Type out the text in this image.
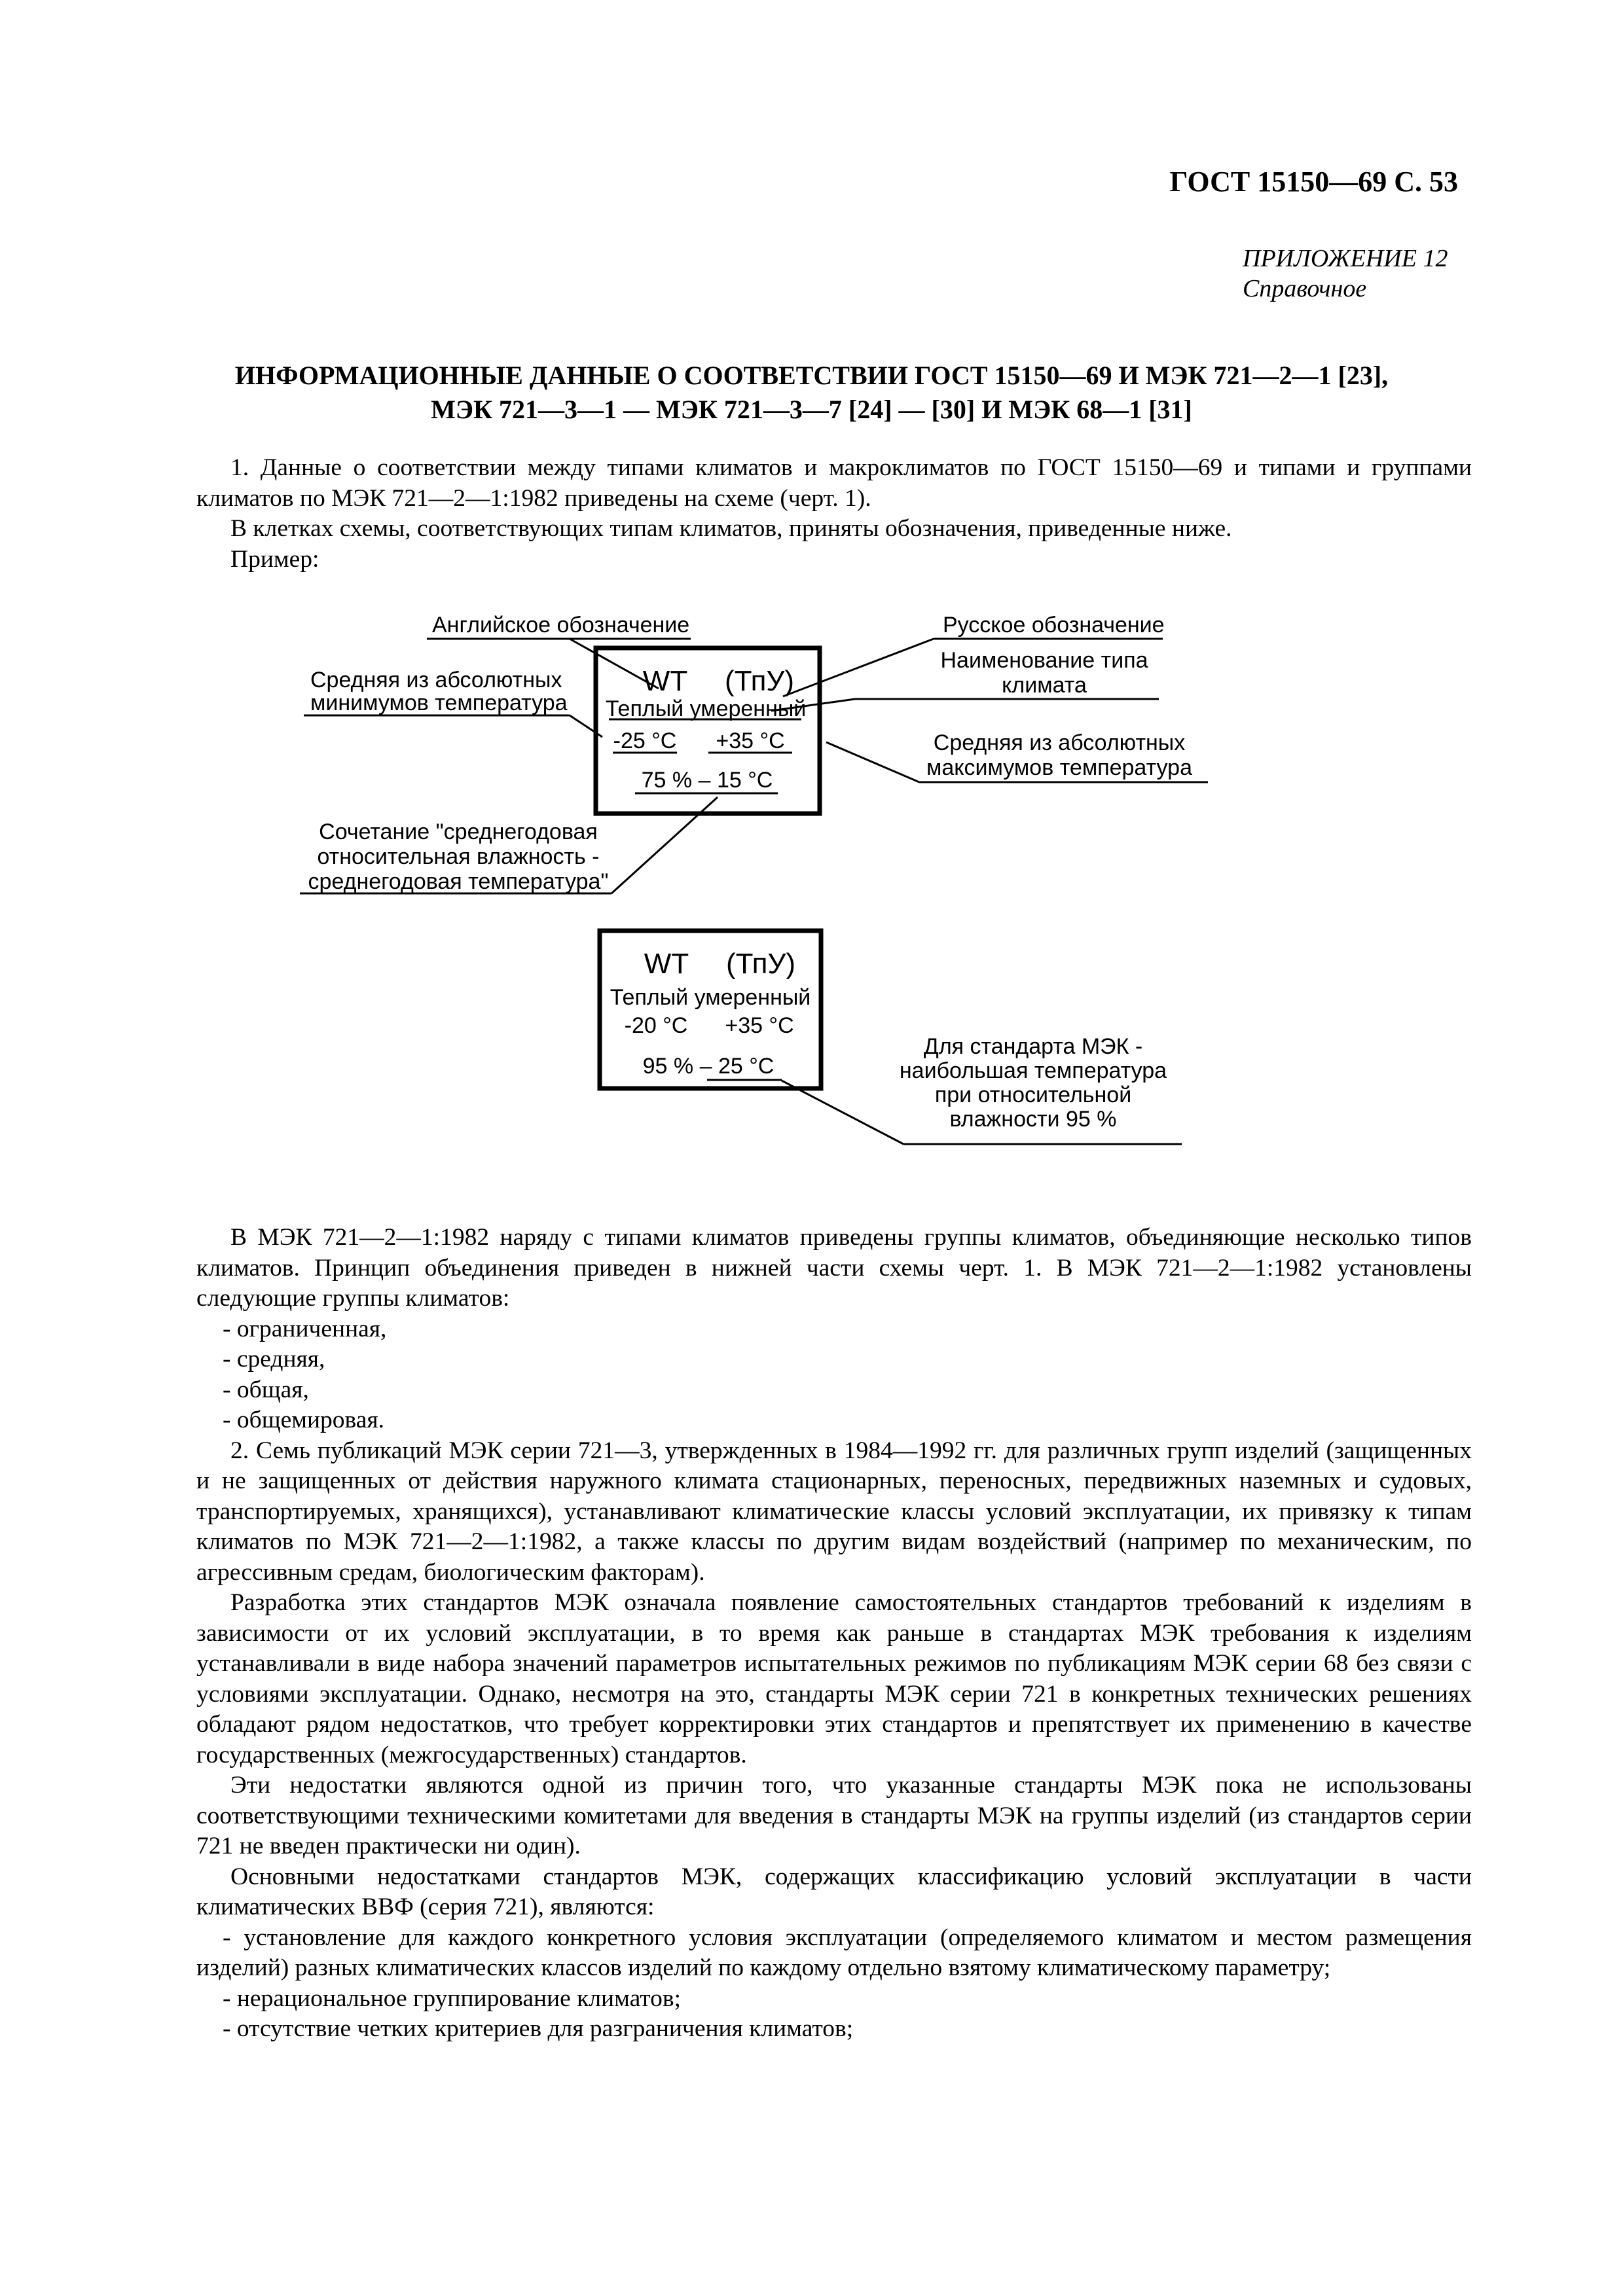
ГОСТ 15150—69 С. 53
ПРИЛОЖЕНИЕ 12
Справочное
ИНФОРМАЦИОННЫЕ ДАННЫЕ О СООТВЕТСТВИИ ГОСТ 15150—69 И МЭК 721—2—1 [23],
МЭК 721—3—1 — МЭК 721—3—7 [24] — [30] И МЭК 68—1 [31]

1. Данные о соответствии между типами климатов и макроклиматов по ГОСТ 15150—69 и типами и группами климатов по МЭК 721—2—1:1982 приведены на схеме (черт. 1).

В клетках схемы, соответствующих типам климатов, приняты обозначения, приведенные ниже.

Пример:

Английское обозначение	Русское обозначение
Средняя из абсолютных
минимумов температура
Наименование типа
климата
Средняя из абсолютных
максимумов температура
Сочетание "среднегодовая
относительная влажность -
среднегодовая температура"
Для стандарта МЭК -
наибольшая температура
при относительной
влажности 95 %
WT (ТпУ)
Теплый умеренный
-25 °С +35 °С
75 % – 15 °С
WT (ТпУ)
Теплый умеренный
-20 °С +35 °С
95 % – 25 °С

В МЭК 721—2—1:1982 наряду с типами климатов приведены группы климатов, объединяющие несколько типов климатов. Принцип объединения приведен в нижней части схемы черт. 1. В МЭК 721—2—1:1982 установлены следующие группы климатов:

- ограниченная,

- средняя,

- общая,

- общемировая.

2. Семь публикаций МЭК серии 721—3, утвержденных в 1984—1992 гг. для различных групп изделий (защищенных и не защищенных от действия наружного климата стационарных, переносных, передвижных наземных и судовых, транспортируемых, хранящихся), устанавливают климатические классы условий эксплуатации, их привязку к типам климатов по МЭК 721—2—1:1982, а также классы по другим видам воздействий (например по механическим, по агрессивным средам, биологическим факторам).

Разработка этих стандартов МЭК означала появление самостоятельных стандартов требований к изделиям в зависимости от их условий эксплуатации, в то время как раньше в стандартах МЭК требования к изделиям устанавливали в виде набора значений параметров испытательных режимов по публикациям МЭК серии 68 без связи с условиями эксплуатации. Однако, несмотря на это, стандарты МЭК серии 721 в конкретных технических решениях обладают рядом недостатков, что требует корректировки этих стандартов и препятствует их применению в качестве государственных (межгосударственных) стандартов.

Эти недостатки являются одной из причин того, что указанные стандарты МЭК пока не использованы соответствующими техническими комитетами для введения в стандарты МЭК на группы изделий (из стандартов серии 721 не введен практически ни один).

Основными недостатками стандартов МЭК, содержащих классификацию условий эксплуатации в части климатических ВВФ (серия 721), являются:

- установление для каждого конкретного условия эксплуатации (определяемого климатом и местом размещения изделий) разных климатических классов изделий по каждому отдельно взятому климатическому параметру;

- нерациональное группирование климатов;

- отсутствие четких критериев для разграничения климатов;
